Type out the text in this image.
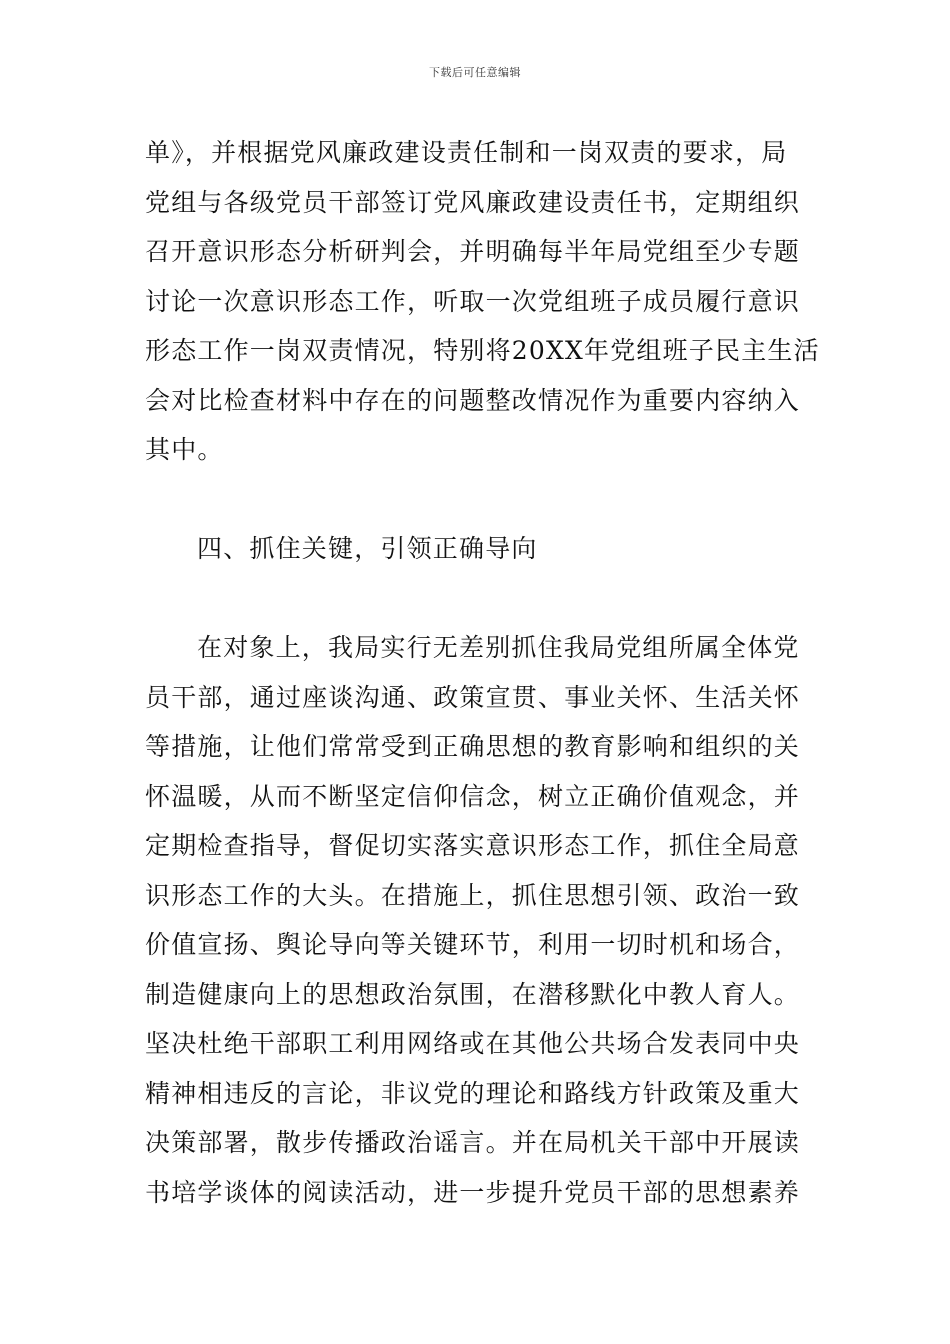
下载后可任意编辑
单》，并根据党风廉政建设责任制和一岗双责的要求，局
党组与各级党员干部签订党风廉政建设责任书，定期组织
召开意识形态分析研判会，并明确每半年局党组至少专题
讨论一次意识形态工作，听取一次党组班子成员履行意识
形态工作一岗双责情况，特别将20XX年党组班子民主生活
会对比检查材料中存在的问题整改情况作为重要内容纳入
其中。
四、抓住关键，引领正确导向
在对象上，我局实行无差别抓住我局党组所属全体党
员干部，通过座谈沟通、政策宣贯、事业关怀、生活关怀
等措施，让他们常常受到正确思想的教育影响和组织的关
怀温暖，从而不断坚定信仰信念，树立正确价值观念，并
定期检查指导，督促切实落实意识形态工作，抓住全局意
识形态工作的大头。在措施上，抓住思想引领、政治一致
价值宣扬、舆论导向等关键环节，利用一切时机和场合，
制造健康向上的思想政治氛围，在潜移默化中教人育人。
坚决杜绝干部职工利用网络或在其他公共场合发表同中央
精神相违反的言论，非议党的理论和路线方针政策及重大
决策部署，散步传播政治谣言。并在局机关干部中开展读
书培学谈体的阅读活动，进一步提升党员干部的思想素养
